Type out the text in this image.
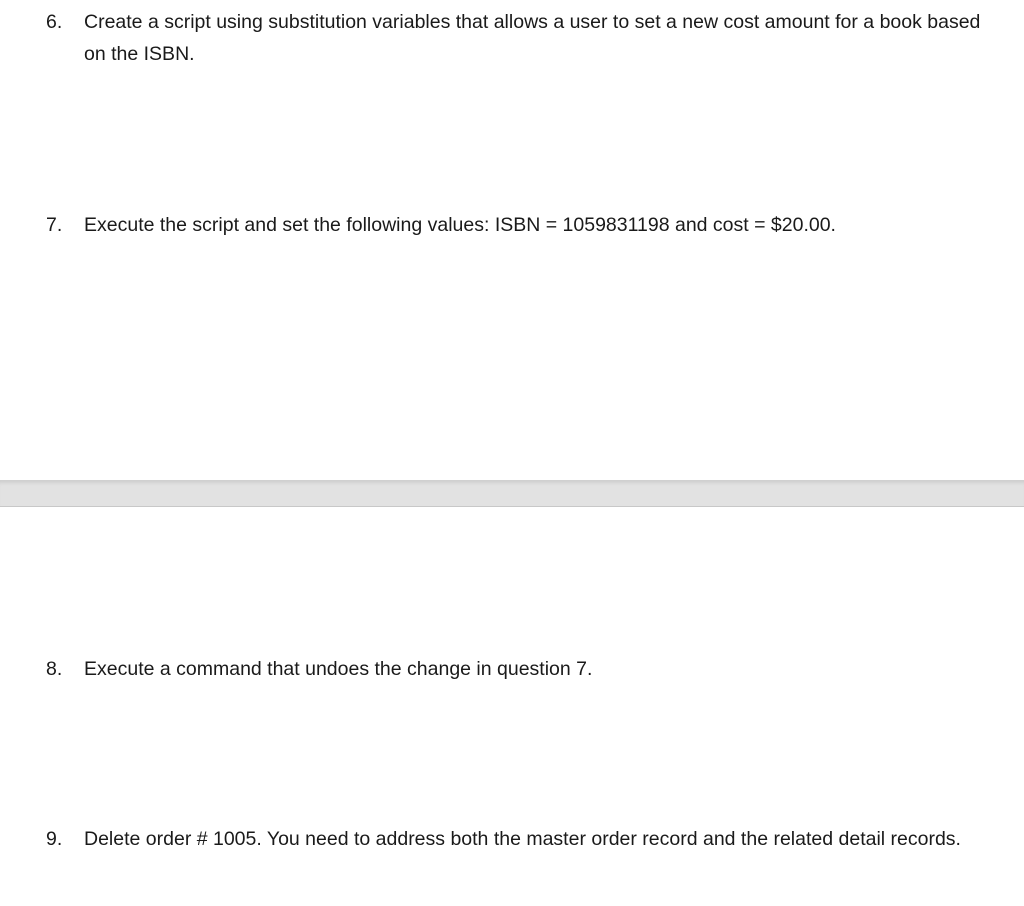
6.	Create a script using substitution variables that allows a user to set a new cost amount for a book based on the ISBN.
7.	Execute the script and set the following values: ISBN = 1059831198 and cost = $20.00.
8.	Execute a command that undoes the change in question 7.
9.	Delete order # 1005. You need to address both the master order record and the related detail records.
